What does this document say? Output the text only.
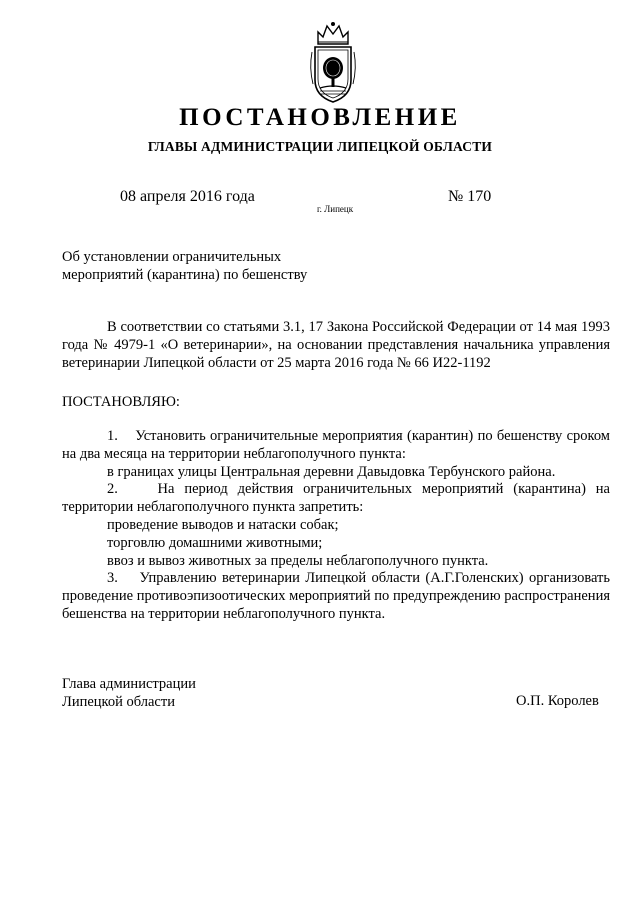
ПОСТАНОВЛЕНИЕ
ГЛАВЫ АДМИНИСТРАЦИИ ЛИПЕЦКОЙ ОБЛАСТИ
08 апреля 2016 года
г. Липецк
№ 170
Об установлении ограничительных
мероприятий (карантина) по бешенству
В соответствии со статьями 3.1, 17 Закона Российской Федерации от 14 мая 1993 года № 4979-1 «О ветеринарии», на основании представления начальника управления ветеринарии Липецкой области от 25 марта 2016 года № 66 И22-1192
ПОСТАНОВЛЯЮ:

1.    Установить ограничительные мероприятия (карантин) по бешенству сроком на два месяца на территории неблагополучного пункта:

в границах улицы Центральная деревни Давыдовка Тербунского района.

2.    На период действия ограничительных мероприятий (карантина) на территории неблагополучного пункта запретить:

проведение выводов и натаски собак;

торговлю домашними животными;

ввоз и вывоз животных за пределы неблагополучного пункта.

3.    Управлению ветеринарии Липецкой области (А.Г.Голенских) организовать проведение противоэпизоотических мероприятий по предупреждению распространения бешенства на территории неблагополучного пункта.

Глава администрации
Липецкой области	О.П. Королев
